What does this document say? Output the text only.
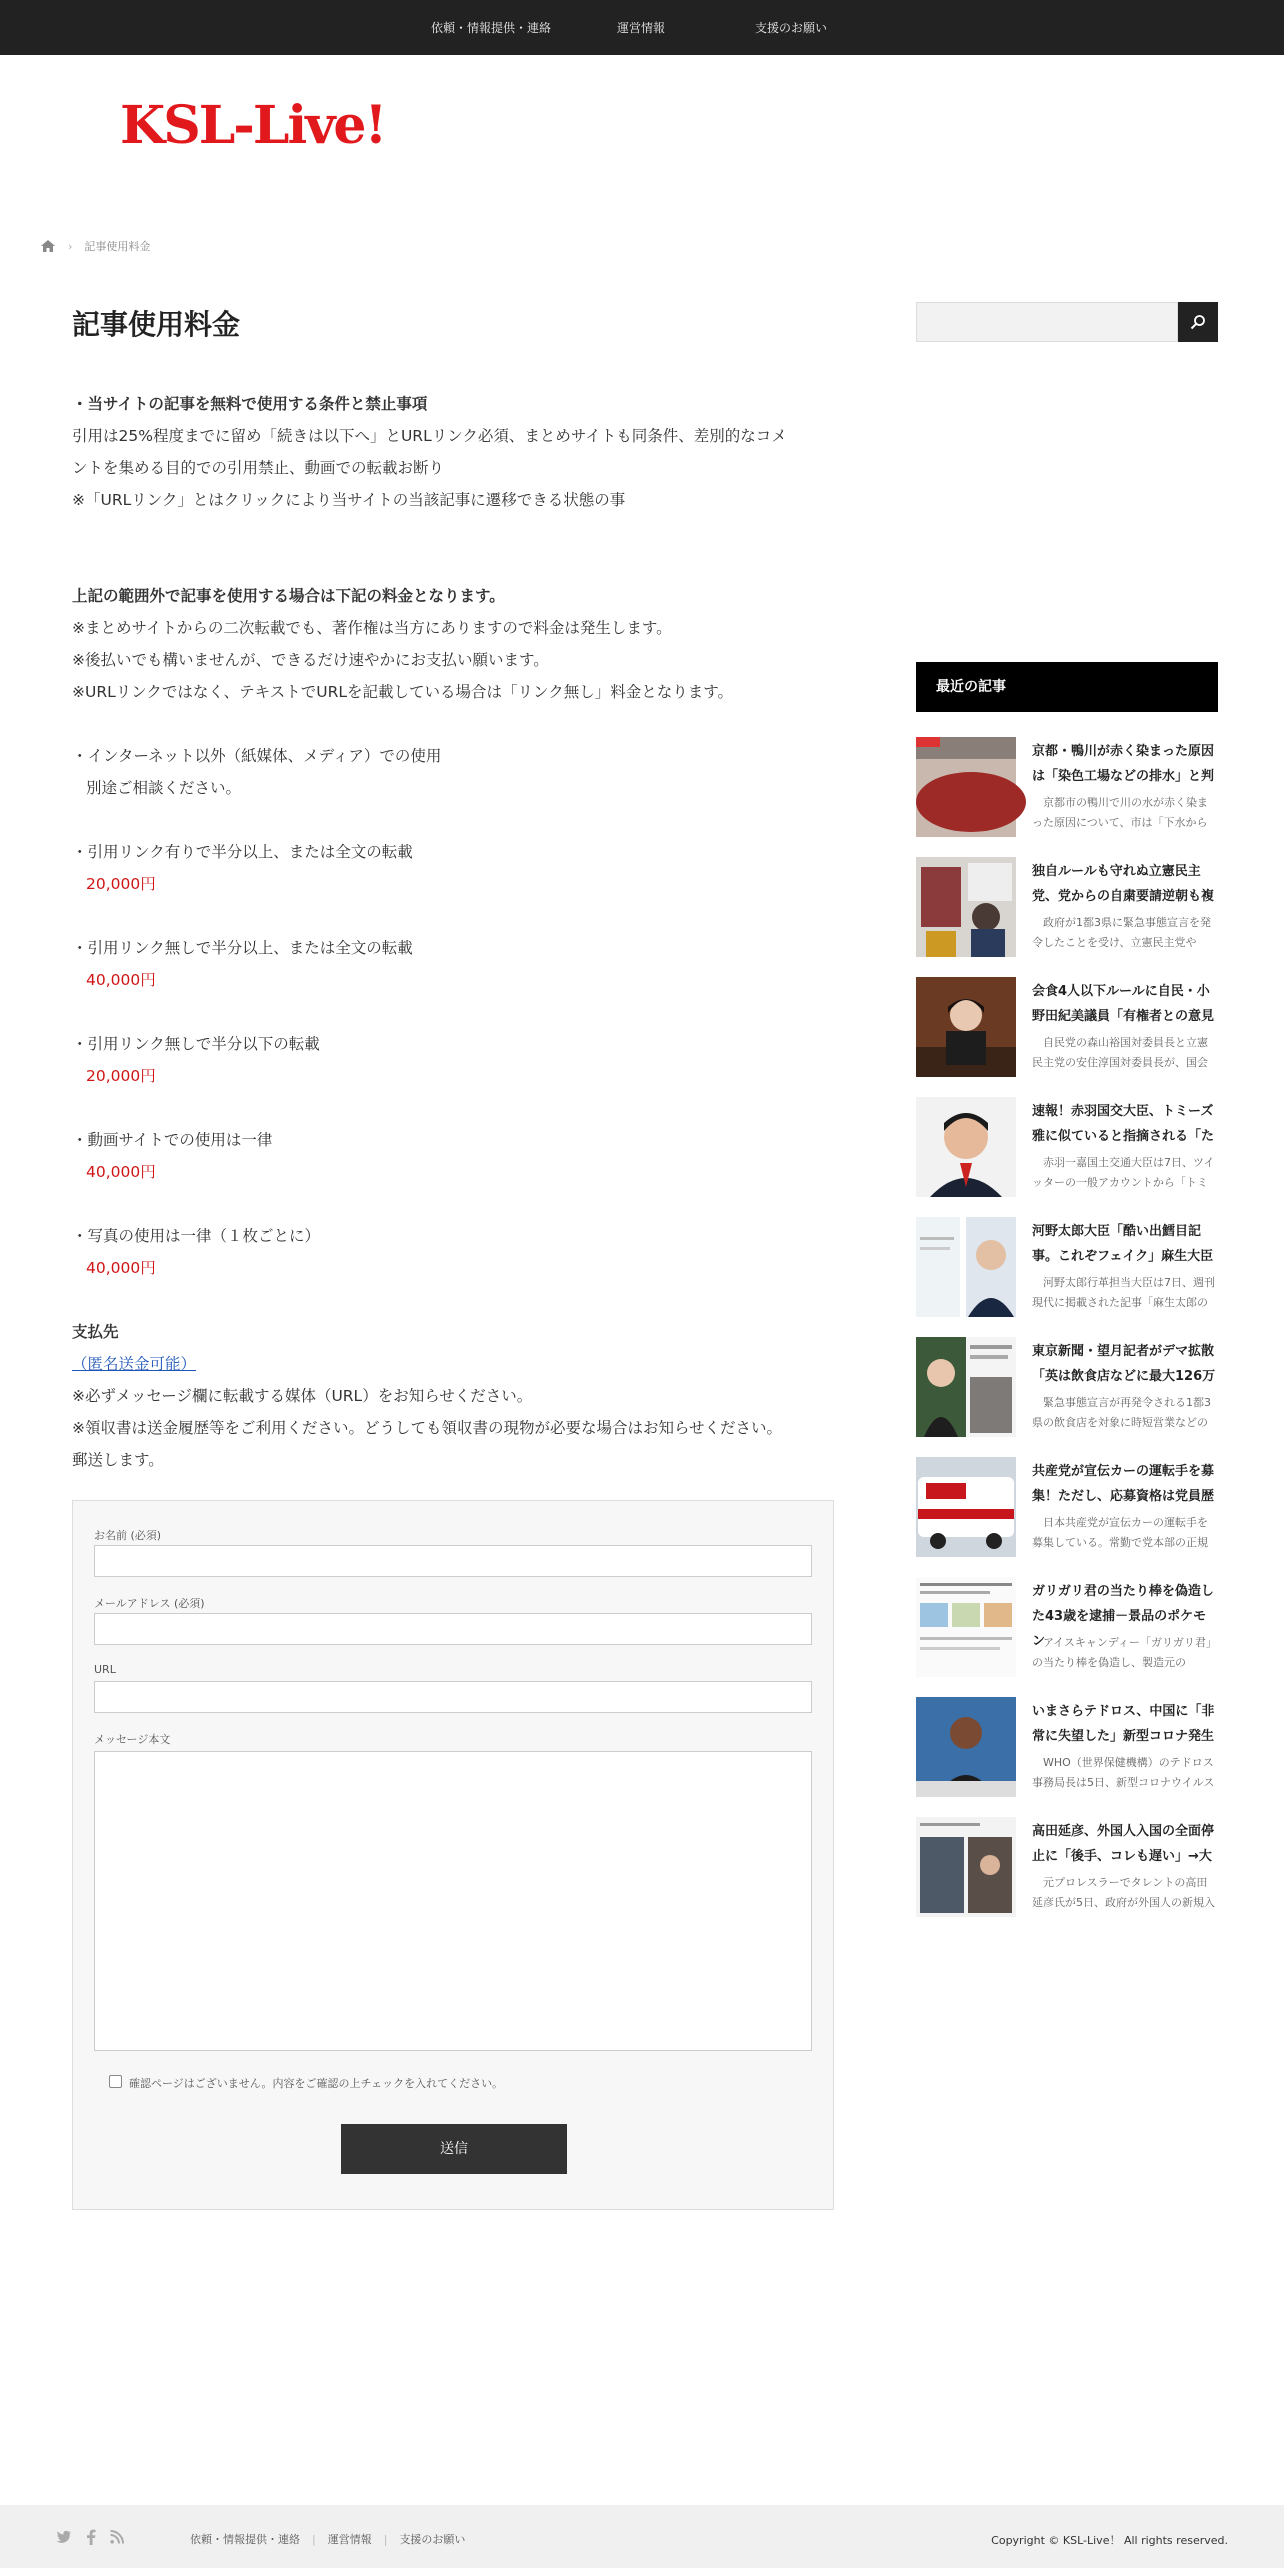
依頼・情報提供・連絡	運営情報	支援のお願い
KSL-Live!
› 記事使用料金
記事使用料金
・当サイトの記事を無料で使用する条件と禁止事項
引用は25%程度までに留め「続きは以下へ」とURLリンク必須、まとめサイトも同条件、差別的なコメ
ントを集める目的での引用禁止、動画での転載お断り
※「URLリンク」とはクリックにより当サイトの当該記事に遷移できる状態の事
上記の範囲外で記事を使用する場合は下記の料金となります。
※まとめサイトからの二次転載でも、著作権は当方にありますので料金は発生します。
※後払いでも構いませんが、できるだけ速やかにお支払い願います。
※URLリンクではなく、テキストでURLを記載している場合は「リンク無し」料金となります。
・インターネット以外（紙媒体、メディア）での使用
別途ご相談ください。
・引用リンク有りで半分以上、または全文の転載
20,000円
・引用リンク無しで半分以上、または全文の転載
40,000円
・引用リンク無しで半分以下の転載
20,000円
・動画サイトでの使用は一律
40,000円
・写真の使用は一律（１枚ごとに）
40,000円
支払先
（匿名送金可能）
※必ずメッセージ欄に転載する媒体（URL）をお知らせください。
※領収書は送金履歴等をご利用ください。どうしても領収書の現物が必要な場合はお知らせください。
郵送します。
お名前 (必須)
メールアドレス (必須)
URL
メッセージ本文
確認ページはございません。内容をご確認の上チェックを入れてください。
送信
最近の記事
京都・鴨川が赤く染まった原因は「染色工場などの排水」と判
京都市の鴨川で川の水が赤く染まった原因について、市は「下水から
独自ルールも守れぬ立憲民主党、党からの自粛要請逆朝も複
政府が1都3県に緊急事態宣言を発令したことを受け、立憲民主党や
会食4人以下ルールに自民・小野田紀美議員「有権者との意見
自民党の森山裕国対委員長と立憲民主党の安住淳国対委員長が、国会
速報！赤羽国交大臣、トミーズ雅に似ていると指摘される「た
赤羽一嘉国土交通大臣は7日、ツイッターの一般アカウントから「トミ
河野太郎大臣「酷い出鱈目記事。これぞフェイク」麻生大臣
河野太郎行革担当大臣は7日、週刊現代に掲載された記事「麻生太郎の
東京新聞・望月記者がデマ拡散「英は飲食店などに最大126万
緊急事態宣言が再発令される1都3県の飲食店を対象に時短営業などの
共産党が宣伝カーの運転手を募集！ただし、応募資格は党員歴
日本共産党が宣伝カーの運転手を募集している。常勤で党本部の正規
ガリガリ君の当たり棒を偽造した43歳を逮捕－景品のポケモン
アイスキャンディー「ガリガリ君」の当たり棒を偽造し、製造元の
いまさらテドロス、中国に「非常に失望した」新型コロナ発生
WHO（世界保健機構）のテドロス事務局長は5日、新型コロナウイルス
高田延彦、外国人入国の全面停止に「後手、コレも遅い」→大
元プロレスラーでタレントの高田延彦氏が5日、政府が外国人の新規入
依頼・情報提供・連絡 | 運営情報 | 支援のお願い	Copyright © KSL-Live！ All rights reserved.
